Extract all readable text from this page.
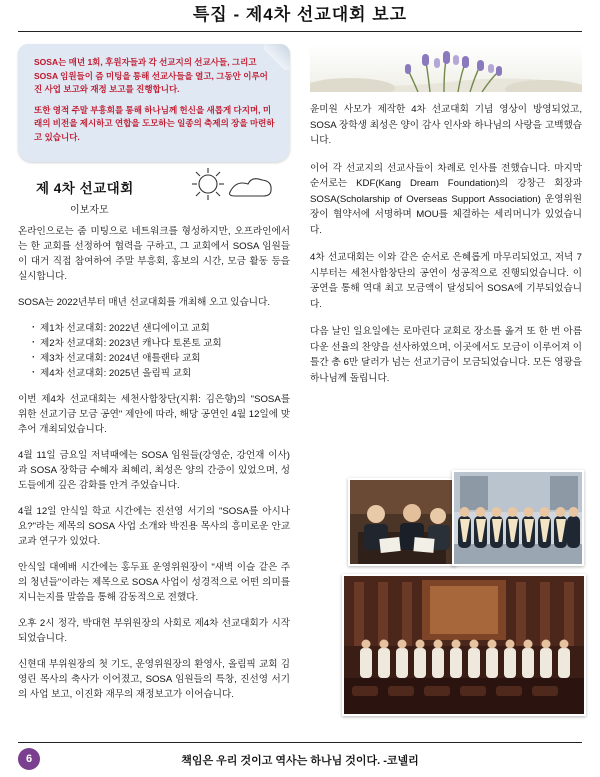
특집 - 제4차 선교대회 보고

SOSA는 매년 1회, 후원자들과 각 선교지의 선교사들, 그리고 SOSA 임원들이 즘 미팅을 통해 선교사들을 열고, 그동안 이루어진 사업 보고와 재정 보고를 진행합니다.

또한 영적 주말 부흥회를 통해 하나님께 헌신을 새롭게 다지며, 미래의 비전을 제시하고 연합을 도모하는 일종의 축제의 장을 마련하고 있습니다.

제 4차 선교대회
이보자모

온라인으로는 줌 미팅으로 네트워크를 형성하지만, 오프라인에서는 한 교회를 선정하여 협력을 구하고, 그 교회에서 SOSA 임원들이 대거 직접 참여하여 주말 부흥회, 홍보의 시간, 모금 활동 등을 실시합니다.

SOSA는 2022년부터 매년 선교대회를 개최해 오고 있습니다.

· 제1차 선교대회: 2022년 샌디에이고 교회
· 제2차 선교대회: 2023년 캐나다 토론토 교회
· 제3차 선교대회: 2024년 애틀랜타 교회
· 제4차 선교대회: 2025년 올림픽 교회

이번 제4차 선교대회는 세천사합창단(지휘: 김은향)의 "SOSA를 위한 선교기금 모금 공연" 제안에 따라, 해당 공연인 4월 12일에 맞추어 개최되었습니다.

4월 11일 금요일 저녁때에는 SOSA 임원들(강영순, 강언재 이사)과 SOSA 장학금 수혜자 최혜리, 최성은 양의 간증이 있었으며, 성도들에게 깊은 감화를 안겨 주었습니다.

4월 12일 안식일 학교 시간에는 진선영 서기의 "SOSA를 아시나요?"라는 제목의 SOSA 사업 소개와 박진용 목사의 흥미로운 안교 교과 연구가 있었다.

안식일 대예배 시간에는 홍두표 운영위원장이 "새벽 이슬 같은 주의 청년들"이라는 제목으로 SOSA 사업이 성경적으로 어떤 의미를 지니는지를 말씀을 통해 감동적으로 전했다.

오후 2시 정각, 박대현 부위원장의 사회로 제4차 선교대회가 시작되었습니다.

신현대 부위원장의 첫 기도, 운영위원장의 환영사, 올림픽 교회 김영린 목사의 축사가 이어졌고, SOSA 임원들의 특창, 진선영 서기의 사업 보고, 이진화 재무의 재정보고가 이어습니다.

윤미원 사모가 제작한 4차 선교대회 기념 영상이 방영되었고, SOSA 장학생 최성은 양이 감사 인사와 하나님의 사랑을 고백했습니다.

이어 각 선교지의 선교사들이 차례로 인사를 전했습니다. 마지막 순서로는 KDF(Kang Dream Foundation)의 강창근 회장과 SOSA(Scholarship of Overseas Support Association) 운영위원장이 협약서에 서명하며 MOU를 체결하는 세리머니가 있었습니다.

4차 선교대회는 이와 같은 순서로 은혜롭게 마무리되었고, 저녁 7시부터는 세천사합창단의 공연이 성공적으로 진행되었습니다. 이 공연을 통해 역대 최고 모금액이 달성되어 SOSA에 기부되었습니다.

다음 날인 일요일에는 로마린다 교회로 장소를 옮겨 또 한 번 아름다운 선율의 찬양을 선사하였으며, 이곳에서도 모금이 이루어져 이틀간 총 6만 달러가 넘는 선교기금이 모금되었습니다. 모든 영광을 하나님께 돌립니다.

6	책임은 우리 것이고 역사는 하나님 것이다. -코넬리
